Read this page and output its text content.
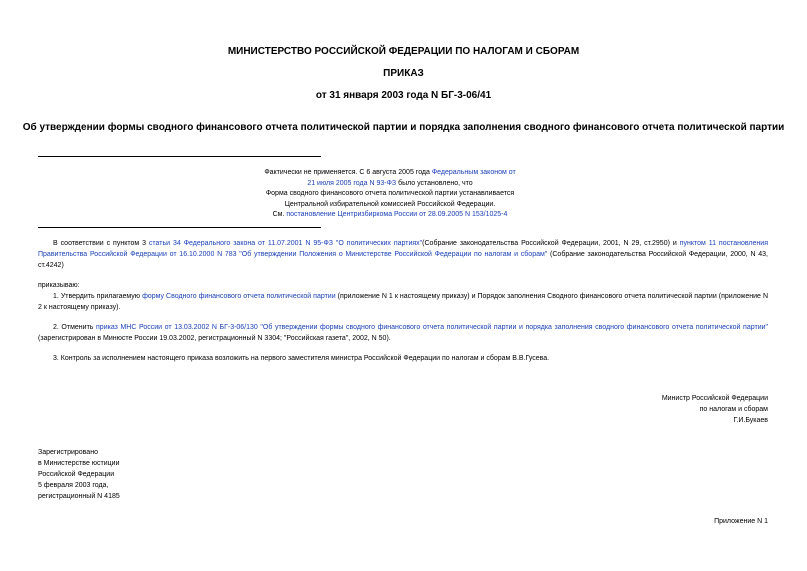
МИНИСТЕРСТВО РОССИЙСКОЙ ФЕДЕРАЦИИ ПО НАЛОГАМ И СБОРАМ
ПРИКАЗ
от 31 января 2003 года N БГ-3-06/41
Об утверждении формы сводного финансового отчета политической партии и порядка заполнения сводного финансового отчета политической партии
Фактически не применяется. С 6 августа 2005 года Федеральным законом от
21 июля 2005 года N 93-ФЗ было установлено, что
Форма сводного финансового отчета политической партии устанавливается
Центральной избирательной комиссией Российской Федерации.
См. постановление Центризбиркома России от 28.09.2005 N 153/1025-4
В соответствии с пунктом 3 статьи 34 Федерального закона от 11.07.2001 N 95-ФЗ "О политических партиях"(Собрание законодательства Российской Федерации, 2001, N 29, ст.2950) и пунктом 11 постановления Правительства Российской Федерации от 16.10.2000 N 783 "Об утверждении Положения о Министерстве Российской Федерации по налогам и сборам" (Собрание законодательства Российской Федерации, 2000, N 43, ст.4242)
приказываю:
1. Утвердить прилагаемую форму Сводного финансового отчета политической партии (приложение N 1 к настоящему приказу) и Порядок заполнения Сводного финансового отчета политической партии (приложение N 2 к настоящему приказу).
2. Отменить приказ МНС России от 13.03.2002 N БГ-3-06/130 "Об утверждении формы сводного финансового отчета политической партии и порядка заполнения сводного финансового отчета политической партии" (зарегистрирован в Минюсте России 19.03.2002, регистрационный N 3304; "Российская газета", 2002, N 50).
3. Контроль за исполнением настоящего приказа возложить на первого заместителя министра Российской Федерации по налогам и сборам В.В.Гусева.
Министр Российской Федерации
по налогам и сборам
Г.И.Букаев
Зарегистрировано
в Министерстве юстиции
Российской Федерации
5 февраля 2003 года,
регистрационный N 4185
Приложение N 1
